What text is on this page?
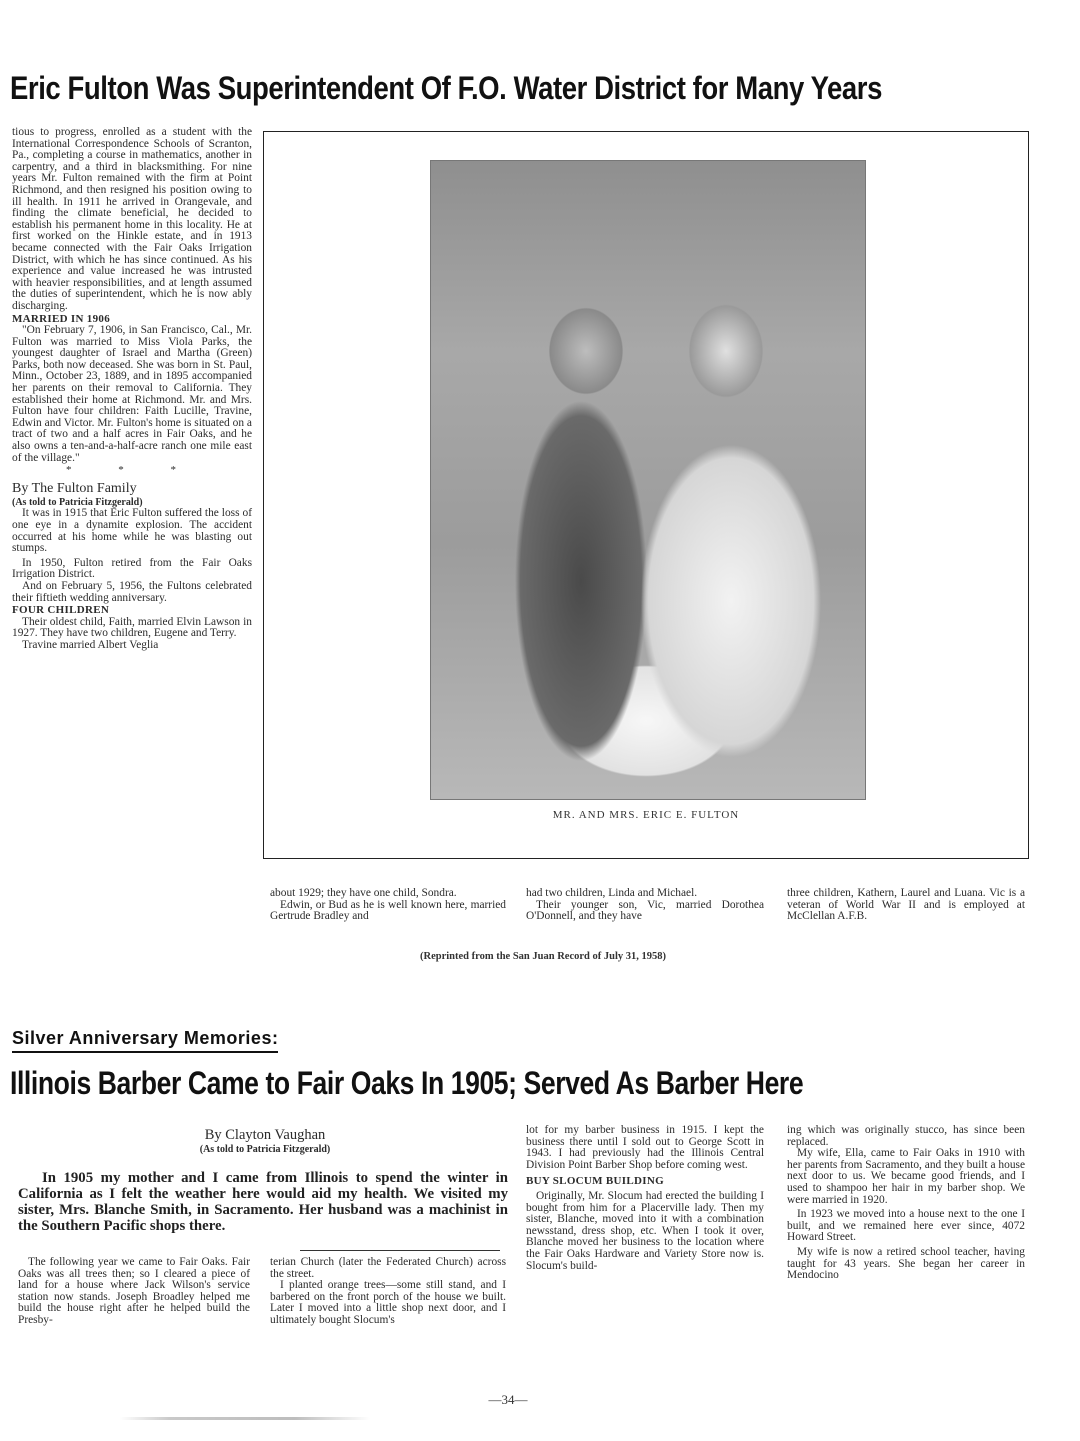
Eric Fulton Was Superintendent Of F.O. Water District for Many Years

tious to progress, enrolled as a student with the International Correspondence Schools of Scranton, Pa., completing a course in mathematics, another in carpentry, and a third in blacksmithing. For nine years Mr. Fulton remained with the firm at Point Richmond, and then resigned his position owing to ill health. In 1911 he arrived in Orangevale, and finding the climate beneficial, he decided to establish his permanent home in this locality. He at first worked on the Hinkle estate, and in 1913 became connected with the Fair Oaks Irrigation District, with which he has since continued. As his experience and value increased he was intrusted with heavier responsibilities, and at length assumed the duties of superintendent, which he is now ably discharging.

MARRIED IN 1906

"On February 7, 1906, in San Francisco, Cal., Mr. Fulton was married to Miss Viola Parks, the youngest daughter of Israel and Martha (Green) Parks, both now deceased. She was born in St. Paul, Minn., October 23, 1889, and in 1895 accompanied her parents on their removal to California. They established their home at Richmond. Mr. and Mrs. Fulton have four children: Faith Lucille, Travine, Edwin and Victor. Mr. Fulton's home is situated on a tract of two and a half acres in Fair Oaks, and he also owns a ten-and-a-half-acre ranch one mile east of the village."

* * *

By The Fulton Family

(As told to Patricia Fitzgerald)

It was in 1915 that Eric Fulton suffered the loss of one eye in a dynamite explosion. The accident occurred at his home while he was blasting out stumps.

In 1950, Fulton retired from the Fair Oaks Irrigation District.

And on February 5, 1956, the Fultons celebrated their fiftieth wedding anniversary.

FOUR CHILDREN

Their oldest child, Faith, married Elvin Lawson in 1927. They have two children, Eugene and Terry.

Travine married Albert Veglia

MR. AND MRS. ERIC E. FULTON

about 1929; they have one child, Sondra.

Edwin, or Bud as he is well known here, married Gertrude Bradley and

had two children, Linda and Michael.

Their younger son, Vic, married Dorothea O'Donnell, and they have

three children, Kathern, Laurel and Luana. Vic is a veteran of World War II and is employed at McClellan A.F.B.

(Reprinted from the San Juan Record of July 31, 1958)
Silver Anniversary Memories:
Illinois Barber Came to Fair Oaks In 1905; Served As Barber Here
By Clayton Vaughan
(As told to Patricia Fitzgerald)
In 1905 my mother and I came from Illinois to spend the winter in California as I felt the weather here would aid my health. We visited my sister, Mrs. Blanche Smith, in Sacramento. Her husband was a machinist in the Southern Pacific shops there.

The following year we came to Fair Oaks. Fair Oaks was all trees then; so I cleared a piece of land for a house where Jack Wilson's service station now stands. Joseph Broadley helped me build the house right after he helped build the Presby-

terian Church (later the Federated Church) across the street.

I planted orange trees—some still stand, and I barbered on the front porch of the house we built. Later I moved into a little shop next door, and I ultimately bought Slocum's

lot for my barber business in 1915. I kept the business there until I sold out to George Scott in 1943. I had previously had the Illinois Central Division Point Barber Shop before coming west.

BUY SLOCUM BUILDING

Originally, Mr. Slocum had erected the building I bought from him for a Placerville lady. Then my sister, Blanche, moved into it with a combination newsstand, dress shop, etc. When I took it over, Blanche moved her business to the location where the Fair Oaks Hardware and Variety Store now is. Slocum's build-

ing which was originally stucco, has since been replaced.

My wife, Ella, came to Fair Oaks in 1910 with her parents from Sacramento, and they built a house next door to us. We became good friends, and I used to shampoo her hair in my barber shop. We were married in 1920.

In 1923 we moved into a house next to the one I built, and we remained here ever since, 4072 Howard Street.

My wife is now a retired school teacher, having taught for 43 years. She began her career in Mendocino

—34—
